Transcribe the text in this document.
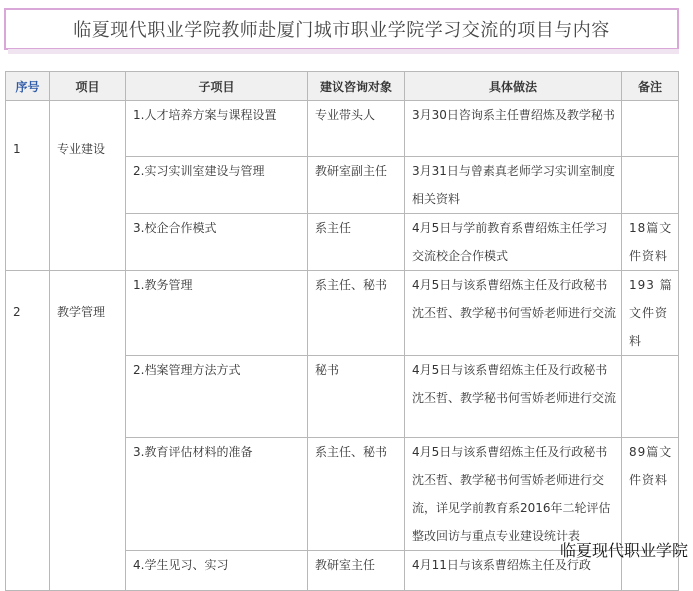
临夏现代职业学院教师赴厦门城市职业学院学习交流的项目与内容
序号	项目	子项目	建议咨询对象	具体做法	备注

1	专业建设	1.人才培养方案与课程设置	专业带头人	3月30日咨询系主任曹绍炼及教学秘书	

		2.实习实训室建设与管理	教研室副主任	3月31日与曾素真老师学习实训室制度相关资料	

		3.校企合作模式	系主任	4月5日与学前教育系曹绍炼主任学习交流校企合作模式	18篇文件资料

2	教学管理	1.教务管理	系主任、秘书	4月5日与该系曹绍炼主任及行政秘书沈丕哲、教学秘书何雪娇老师进行交流	193 篇文件资料

		2.档案管理方法方式	秘书	4月5日与该系曹绍炼主任及行政秘书沈丕哲、教学秘书何雪娇老师进行交流	

		3.教育评估材料的准备	系主任、秘书	4月5日与该系曹绍炼主任及行政秘书沈丕哲、教学秘书何雪娇老师进行交流，详见学前教育系2016年二轮评估整改回访与重点专业建设统计表	89篇文件资料

		4.学生见习、实习	教研室主任	4月11日与该系曹绍炼主任及行政	

临夏现代职业学院
